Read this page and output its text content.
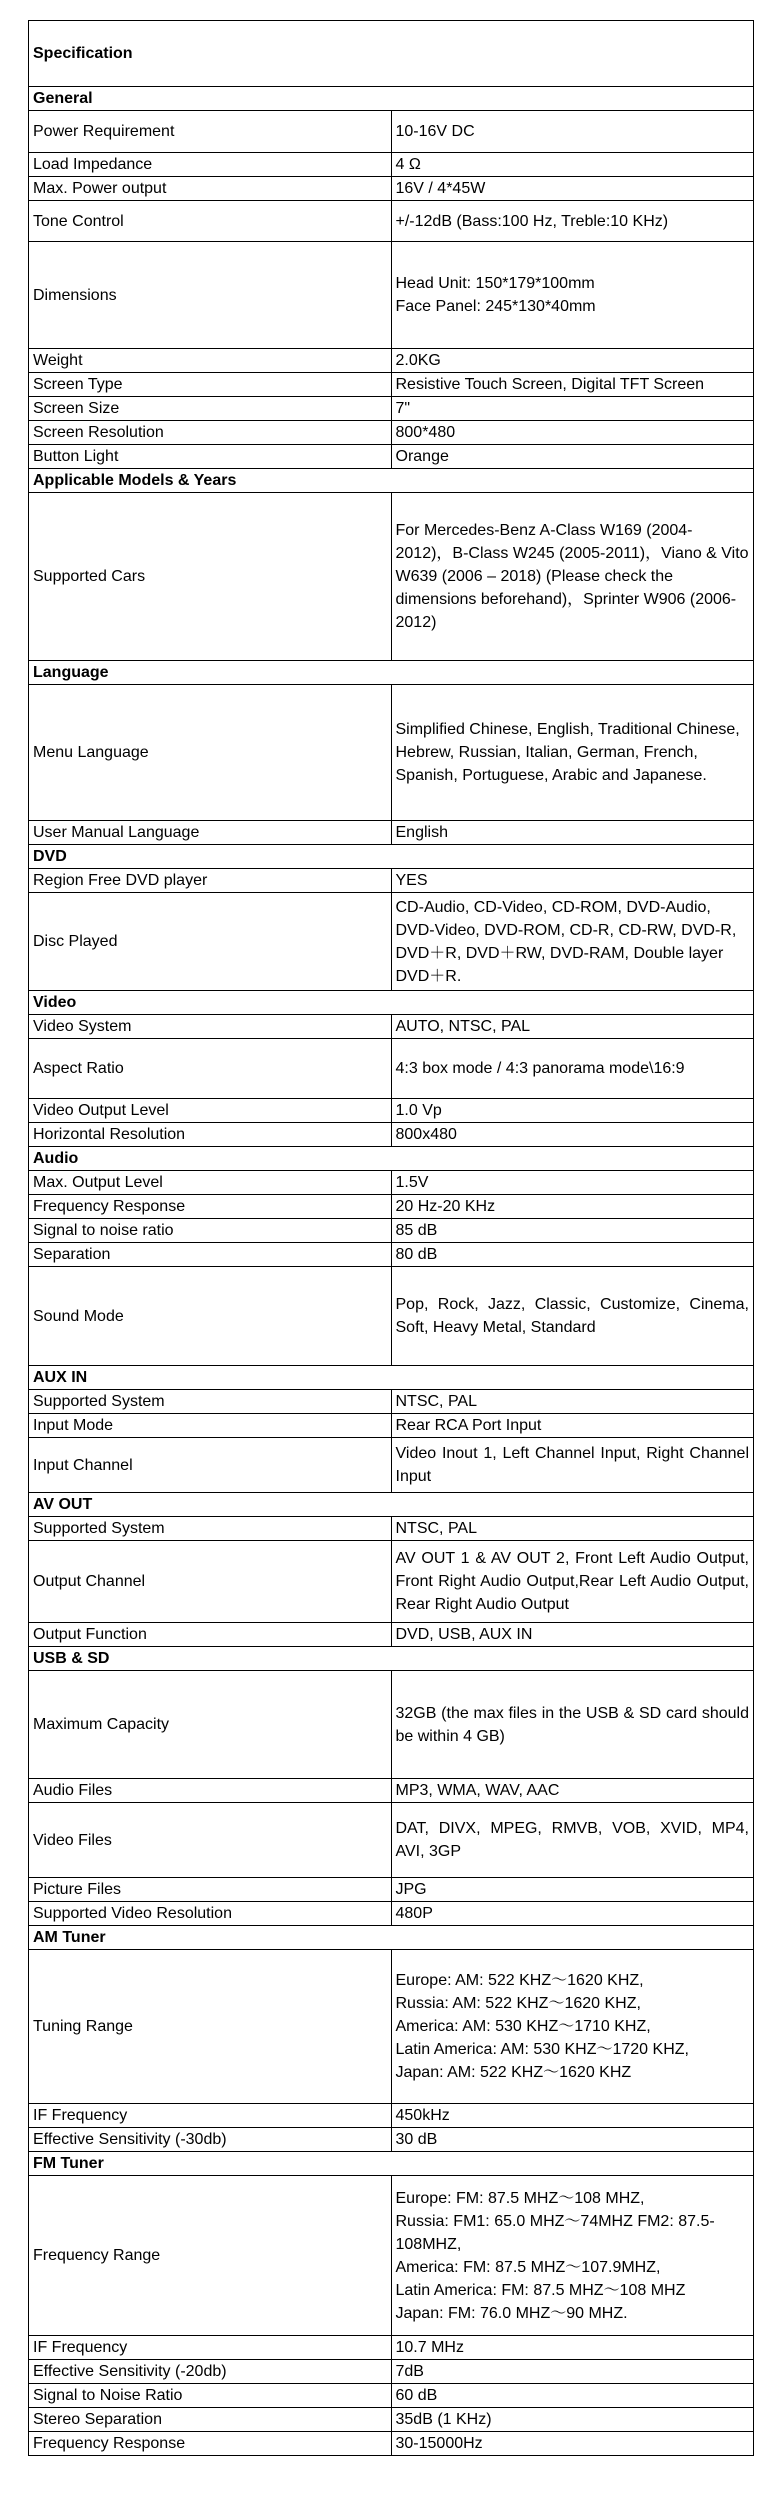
Specification	
General	
Power Requirement	10-16V DC
Load Impedance	4 Ω
Max. Power output	16V / 4*45W
Tone Control	+/-12dB (Bass:100 Hz, Treble:10 KHz)
Dimensions	Head Unit: 150*179*100mm
Face Panel: 245*130*40mm
Weight	2.0KG
Screen Type	Resistive Touch Screen, Digital TFT Screen
Screen Size	7"
Screen Resolution	800*480
Button Light	Orange
Applicable Models & Years	
Supported Cars	For Mercedes-Benz A-Class W169 (2004-2012)，B-Class W245 (2005-2011)，Viano & Vito W639 (2006 – 2018) (Please check the dimensions beforehand)，Sprinter W906 (2006-2012)
Language	
Menu Language	Simplified Chinese, English, Traditional Chinese, Hebrew, Russian, Italian, German, French, Spanish, Portuguese, Arabic and Japanese.
User Manual Language	English
DVD	
Region Free DVD player	YES
Disc Played	CD-Audio, CD-Video, CD-ROM, DVD-Audio, DVD-Video, DVD-ROM, CD-R, CD-RW, DVD-R, DVD＋R, DVD＋RW, DVD-RAM, Double layer DVD＋R.
Video	
Video System	AUTO, NTSC, PAL
Aspect Ratio	4:3 box mode / 4:3 panorama mode\16:9
Video Output Level	1.0 Vp
Horizontal Resolution	800x480
Audio	
Max. Output Level	1.5V
Frequency Response	20 Hz-20 KHz
Signal to noise ratio	85 dB
Separation	80 dB
Sound Mode	Pop, Rock, Jazz, Classic, Customize, Cinema, Soft, Heavy Metal, Standard
AUX IN	
Supported System	NTSC, PAL
Input Mode	Rear RCA Port Input
Input Channel	Video Inout 1, Left Channel Input, Right Channel Input
AV OUT	
Supported System	NTSC, PAL
Output Channel	AV OUT 1 & AV OUT 2, Front Left Audio Output, Front Right Audio Output,Rear Left Audio Output, Rear Right Audio Output
Output Function	DVD, USB, AUX IN
USB & SD	
Maximum Capacity	32GB (the max files in the USB & SD card should be within 4 GB)
Audio Files	MP3, WMA, WAV, AAC
Video Files	DAT, DIVX, MPEG, RMVB, VOB, XVID, MP4, AVI, 3GP
Picture Files	JPG
Supported Video Resolution	480P
AM Tuner	
Tuning Range	Europe: AM: 522 KHZ～1620 KHZ,
Russia: AM: 522 KHZ～1620 KHZ,
America: AM: 530 KHZ～1710 KHZ,
Latin America: AM: 530 KHZ～1720 KHZ,
Japan: AM: 522 KHZ～1620 KHZ
IF Frequency	450kHz
Effective Sensitivity (-30db)	30 dB
FM Tuner	
Frequency Range	Europe: FM: 87.5 MHZ～108 MHZ,
Russia: FM1: 65.0 MHZ～74MHZ FM2: 87.5-108MHZ,
America: FM: 87.5 MHZ～107.9MHZ,
Latin America: FM: 87.5 MHZ～108 MHZ
Japan: FM: 76.0 MHZ～90 MHZ.
IF Frequency	10.7 MHz
Effective Sensitivity (-20db)	7dB
Signal to Noise Ratio	60 dB
Stereo Separation	35dB (1 KHz)
Frequency Response	30-15000Hz
